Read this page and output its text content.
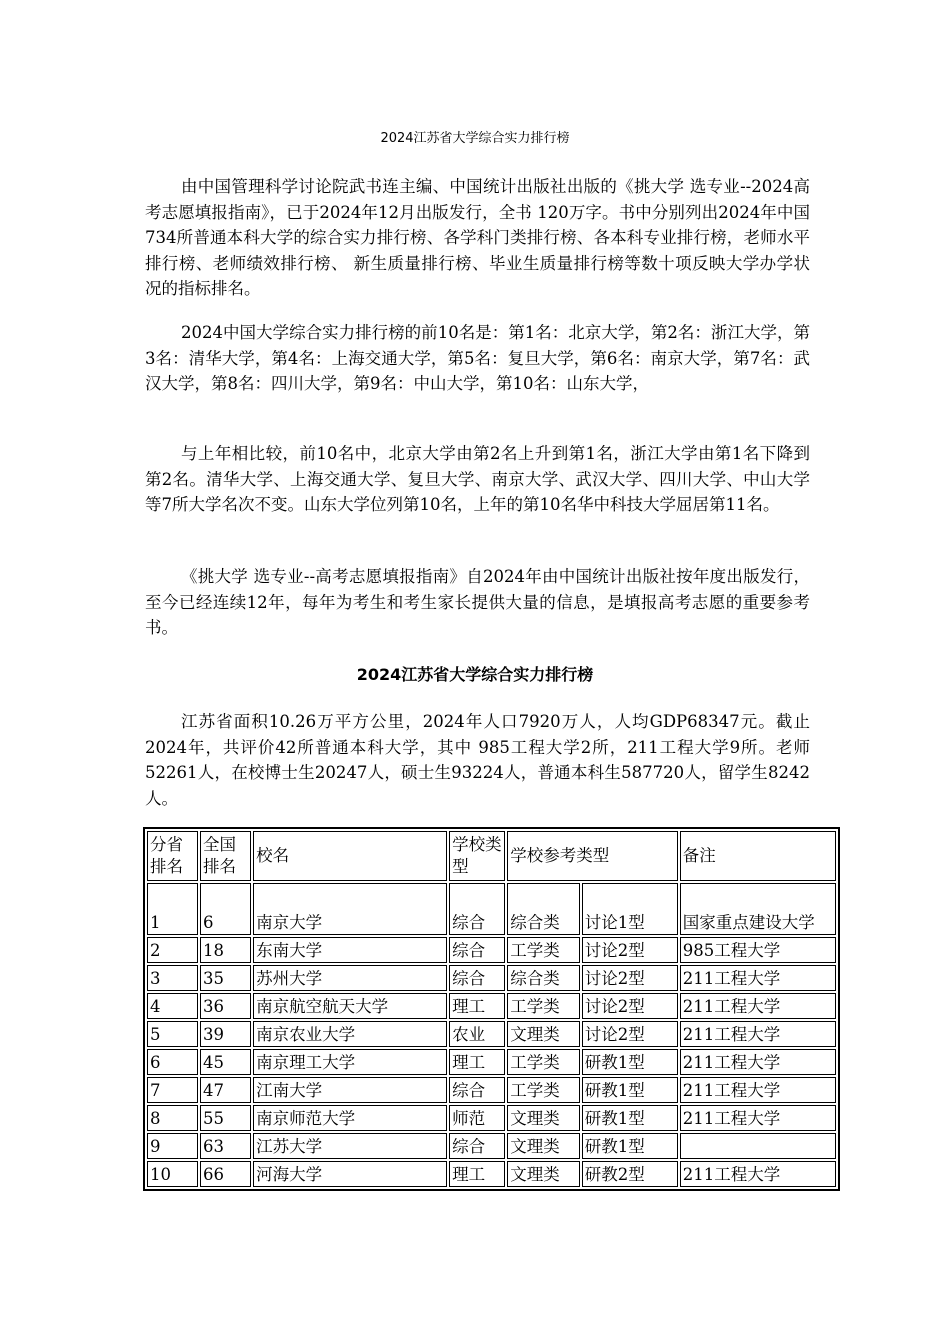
2024江苏省大学综合实力排行榜

由中国管理科学讨论院武书连主编、中国统计出版社出版的《挑大学 选专业--2024高考志愿填报指南》，已于2024年12月出版发行，全书 120万字。书中分别列出2024年中国734所普通本科大学的综合实力排行榜、各学科门类排行榜、各本科专业排行榜，老师水平排行榜、老师绩效排行榜、 新生质量排行榜、毕业生质量排行榜等数十项反映大学办学状况的指标排名。

2024中国大学综合实力排行榜的前10名是：第1名：北京大学，第2名：浙江大学，第3名：清华大学，第4名：上海交通大学，第5名：复旦大学，第6名：南京大学，第7名：武汉大学，第8名：四川大学，第9名：中山大学，第10名：山东大学，

与上年相比较，前10名中，北京大学由第2名上升到第1名，浙江大学由第1名下降到第2名。清华大学、上海交通大学、复旦大学、南京大学、武汉大学、四川大学、中山大学等7所大学名次不变。山东大学位列第10名，上年的第10名华中科技大学屈居第11名。

《挑大学 选专业--高考志愿填报指南》自2024年由中国统计出版社按年度出版发行，至今已经连续12年，每年为考生和考生家长提供大量的信息，是填报高考志愿的重要参考书。

2024江苏省大学综合实力排行榜

江苏省面积10.26万平方公里，2024年人口7920万人，人均GDP68347元。截止2024年，共评价42所普通本科大学，其中 985工程大学2所，211工程大学9所。老师52261人，在校博士生20247人，硕士生93224人，普通本科生587720人，留学生8242人。

分省排名	全国排名	校名	学校类型	学校参考类型		备注
1	6	南京大学	综合	综合类	讨论1型	国家重点建设大学
2	18	东南大学	综合	工学类	讨论2型	985工程大学
3	35	苏州大学	综合	综合类	讨论2型	211工程大学
4	36	南京航空航天大学	理工	工学类	讨论2型	211工程大学
5	39	南京农业大学	农业	文理类	讨论2型	211工程大学
6	45	南京理工大学	理工	工学类	研教1型	211工程大学
7	47	江南大学	综合	工学类	研教1型	211工程大学
8	55	南京师范大学	师范	文理类	研教1型	211工程大学
9	63	江苏大学	综合	文理类	研教1型	
10	66	河海大学	理工	文理类	研教2型	211工程大学
